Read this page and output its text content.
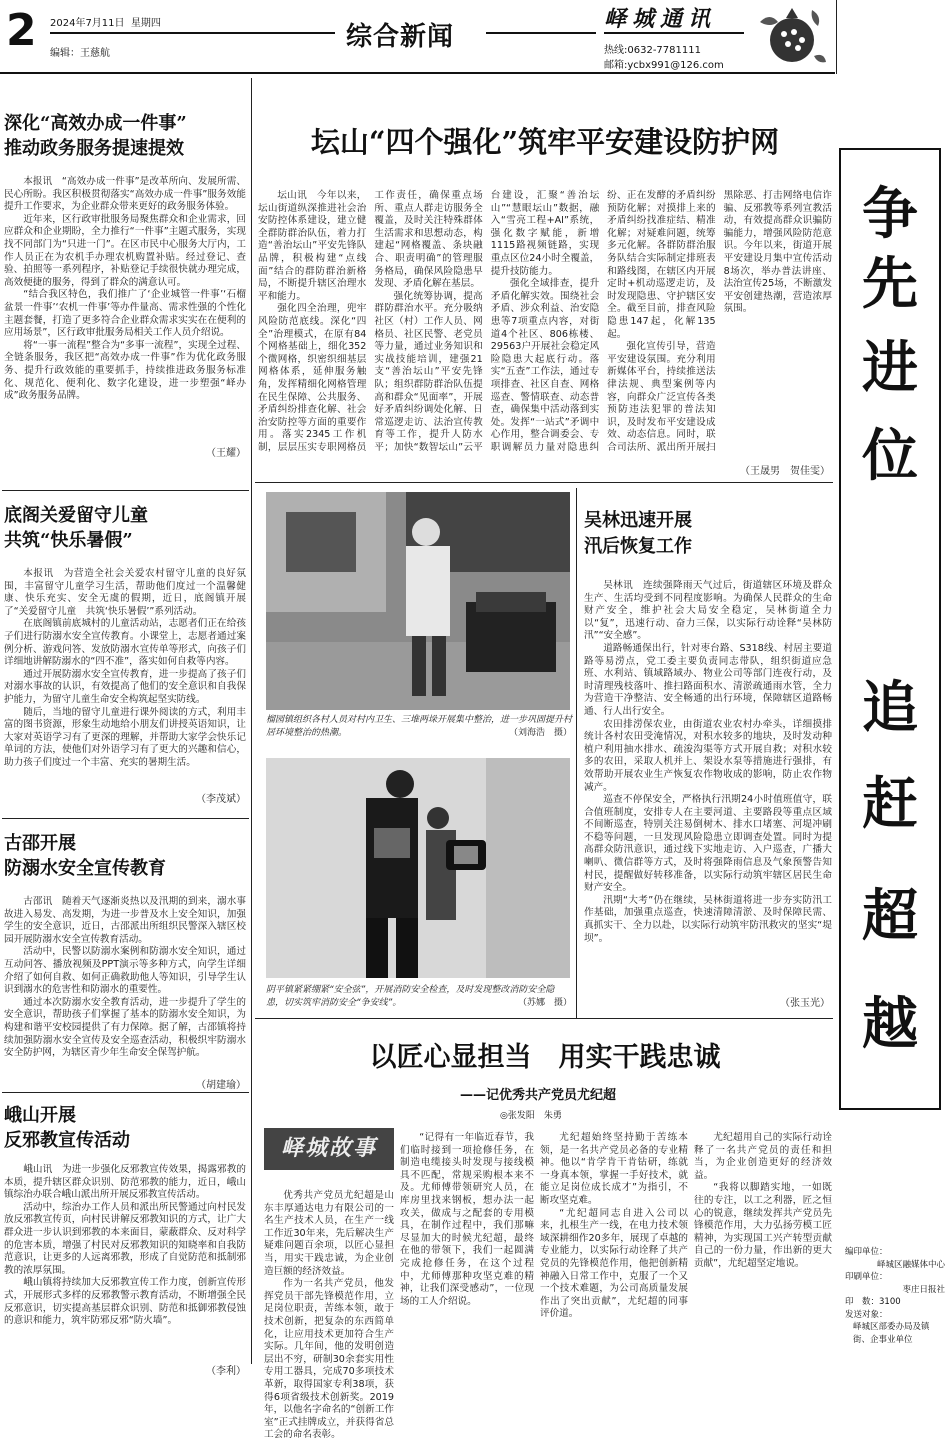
2 2024年7月11日 星期四
编辑：王慈航
综合新闻
峄城通讯
热线:0632-7781111
邮箱:ycbx991@126.com
争
先
进
位
追
赶
超
越
编印单位：
峄城区融媒体中心
印刷单位：
枣庄日报社
印　数：3100
发送对象：
峄城区部委办局及镇街、企事业单位
深化“高效办成一件事”
推动政务服务提速提效

本报讯　“高效办成一件事”是改革所向、发展所需、民心所盼。我区积极贯彻落实“高效办成一件事”服务效能提升工作要求，为企业群众带来更好的政务服务体验。

近年来，区行政审批服务局聚焦群众和企业需求，回应群众和企业期盼，全力推行“一件事”主题式服务，实现找不同部门为“只进一门”。在区市民中心服务大厅内，工作人员正在为农机手办理农机购置补贴。经过登记、查验、拍照等一系列程序，补贴登记手续很快就办理完成，高效便捷的服务，得到了群众的满意认可。

“结合我区特色，我们推广了‘企业城管一件事’‘石榴盆景一件事’‘农机一件事’等办件量高、需求性强的个性化主题套餐，打造了更多符合企业群众需求实实在在便利的应用场景”，区行政审批服务局相关工作人员介绍说。

将“一事一流程”整合为“多事一流程”，实现全过程、全链条服务，我区把“高效办成一件事”作为优化政务服务、提升行政效能的重要抓手，持续推进政务服务标准化、规范化、便利化、数字化建设，进一步塑强“峄办成”政务服务品牌。

（王耀）
底阁关爱留守儿童
共筑“快乐暑假”

本报讯　为营造全社会关爱农村留守儿童的良好氛围，丰富留守儿童学习生活，帮助他们度过一个温馨健康、快乐充实、安全无虞的假期，近日，底阁镇开展了“关爱留守儿童　共筑‘快乐暑假’”系列活动。

在底阁镇前底城村的儿童活动站，志愿者们正在给孩子们进行防溺水安全宣传教育。小课堂上，志愿者通过案例分析、游戏问答、发放防溺水宣传单等形式，向孩子们详细地讲解防溺水的“四不准”，落实如何自救等内容。

通过开展防溺水安全宣传教育，进一步提高了孩子们对溺水事故的认识，有效提高了他们的安全意识和自我保护能力，为留守儿童生命安全构筑起坚实防线。

随后，当地的留守儿童进行课外阅读的方式，利用丰富的图书资源，形象生动地给小朋友们讲授英语知识，让大家对英语学习有了更深的理解，并帮助大家学会快乐记单词的方法，使他们对外语学习有了更大的兴趣和信心，助力孩子们度过一个丰富、充实的暑期生活。

（李茂斌）
古邵开展
防溺水安全宣传教育

古邵讯　随着天气逐渐炎热以及汛期的到来，溺水事故进入易发、高发期，为进一步普及水上安全知识，加强学生的安全意识，近日，古邵派出所组织民警深入辖区校园开展防溺水安全宣传教育活动。

活动中，民警以防溺水案例和防溺水安全知识，通过互动问答、播放视频及PPT演示等多种方式，向学生详细介绍了如何自救、如何正确救助他人等知识，引导学生认识到溺水的危害性和防溺水的重要性。

通过本次防溺水安全教育活动，进一步提升了学生的安全意识，帮助孩子们掌握了基本的防溺水安全知识，为构建和谐平安校园提供了有力保障。据了解，古邵镇将持续加强防溺水安全宣传及安全巡查活动，积极织牢防溺水安全防护网，为辖区青少年生命安全保驾护航。

（胡建瑜）
峨山开展
反邪教宣传活动

峨山讯　为进一步强化反邪教宣传效果，揭露邪教的本质，提升辖区群众识别、防范邪教的能力，近日，峨山镇综治办联合峨山派出所开展反邪教宣传活动。

活动中，综治办工作人员和派出所民警通过向村民发放反邪教宣传页，向村民讲解反邪教知识的方式，让广大群众进一步认识到邪教的本来面目，蒙蔽群众、反对科学的危害本质，增强了村民对反邪教知识的知晓率和自我防范意识，让更多的人远离邪教，形成了自觉防范和抵制邪教的浓厚氛围。

峨山镇将持续加大反邪教宣传工作力度，创新宣传形式，开展形式多样的反邪教警示教育活动，不断增强全民反邪意识，切实提高基层群众识别、防范和抵御邪教侵蚀的意识和能力，筑牢防邪反邪“防火墙”。

（李利）
坛山“四个强化”筑牢平安建设防护网

坛山讯　今年以来，坛山街道纵深推进社会治安防控体系建设，建立健全群防群治队伍，着力打造“善治坛山”平安先锋队品牌，积极构建“点线面”结合的群防群治新格局，不断提升辖区治理水平和能力。

强化四全治理，兜牢风险防范底线。深化“四全”治理模式，在原有84个网格基础上，细化352个微网格，织密织细基层网格体系，延伸服务触角，发挥精细化网格管理在民生保障、公共服务、矛盾纠纷排查化解、社会治安防控等方面的重要作用。落实2345工作机制，层层压实专职网格员工作责任，确保重点场所、重点人群走访服务全覆盖，及时关注特殊群体生活需求和思想动态，构建起“网格覆盖、条块融合、职责明确”的管理服务格局，确保风险隐患早发现、矛盾化解在基层。

强化统筹协调，提高群防群治水平。充分吸纳社区（村）工作人员、网格员、社区民警、老党员等力量，通过业务知识和实战技能培训，建强21支“善治坛山”平安先锋队；组织群防群治队伍提高和群众“见面率”，开展好矛盾纠纷调处化解、日常巡逻走访、法治宣传教育等工作，提升人防水平；加快“数智坛山”云平台建设，汇聚“善治坛山”“慧眼坛山”数据，融入“雪亮工程+AI”系统，强化数字赋能，新增1115路视频链路，实现重点区位24小时全覆盖，提升技防能力。

强化全域排查，提升矛盾化解实效。围绕社会矛盾、涉众利益、治安隐患等7项重点内容，对街道4个社区、806栋楼、29563户开展社会稳定风险隐患大起底行动。落实“五查”工作法，通过专项排查、社区自查、网格巡查、警情联查、动态普查，确保集中活动落到实处。发挥“一站式”矛调中心作用，整合调委会、专职调解员力量对隐患纠纷、正在发酵的矛盾纠纷预防化解；对摸排上来的矛盾纠纷找准症结、精准化解；对疑难问题，统筹多元化解。各群防群治服务队结合实际制定排班表和路线图，在辖区内开展定时+机动巡逻走访，及时发现隐患、守护辖区安全。截至目前，排查风险隐患147起，化解135起。

强化宣传引导，营造平安建设氛围。充分利用新媒体平台，持续推送法律法规、典型案例等内容，向群众广泛宣传各类预防违法犯罪的普法知识，及时发布平安建设成效、动态信息。同时，联合司法所、派出所开展扫黑除恶、打击网络电信诈骗、反邪教等系列宣教活动，有效提高群众识骗防骗能力，增强风险防范意识。今年以来，街道开展平安建设月集中宣传活动8场次，举办普法讲座、法治宣传25场，不断激发平安创建热潮，营造浓厚氛围。

（王晟男　贺佳雯）
榴园镇组织各村人员对村内卫生、三堆两垛开展集中整治，进一步巩固提升村居环境整治的热潮。	（刘海浩　摄）
阴平镇紧紧绷紧“安全弦”，开展消防安全检查，及时发现整改消防安全隐患，切实筑牢消防安全“争安线”。	（苏娜　摄）
吴林迅速开展
汛后恢复工作

吴林讯　连续强降雨天气过后，街道辖区环境及群众生产、生活均受到不同程度影响。为确保人民群众的生命财产安全，维护社会大局安全稳定，吴林街道全力以“复”，迅速行动、奋力三保，以实际行动诠释“吴林防汛”“安全感”。

道路畅通保出行，针对枣台路、S318线、村居主要道路等易涝点，党工委主要负责同志带队，组织街道应急班、水利站、镇域路域办、物业公司等部门连夜行动，及时清理残枝落叶、推扫路面积水、清淤疏通雨水管，全力为营造干净整洁、安全畅通的出行环境，保障辖区道路畅通、行人出行安全。

农田排涝保农业，由街道农业农村办牵头，详细摸排统计各村农田受淹情况，对积水较多的地块，及时发动种植户利用抽水排水、疏浚沟渠等方式开展自救；对积水较多的农田，采取人机并上、架设水泵等措施进行强排，有效帮助开展农业生产恢复农作物收成的影响，防止农作物减产。

巡查不停保安全，严格执行汛期24小时值班值守，联合值班制度，安排专人在主要河道、主要路段等重点区域不间断巡查，特别关注易倒树木、排水口堵塞、河堤冲刷不稳等问题，一旦发现风险隐患立即调查处置。同时为提高群众防汛意识，通过线下实地走访、入户巡查，广播大喇叭、微信群等方式，及时将强降雨信息及气象预警告知村民，提醒做好转移准备，以实际行动筑牢辖区居民生命财产安全。

汛期“大考”仍在继续，吴林街道将进一步夯实防汛工作基础，加强重点巡查，快速清障清淤、及时保障民需、真抓实干、全力以赴，以实际行动筑牢防汛救灾的坚实“堤坝”。

（张玉光）
以匠心显担当　用实干践忠诚
——记优秀共产党员尤纪超
◎张发阳　朱勇
峄城故事

优秀共产党员尤纪超是山东丰厚通达电力有限公司的一名生产技术人员，在生产一线工作近30年来，先后解决生产疑难问题百余项，以匠心显担当，用实干践忠诚，为企业创造巨额的经济效益。

作为一名共产党员，他发挥党员干部先锋模范作用，立足岗位职责，苦练本领，敢于技术创新，把复杂的东西简单化，让应用技术更加符合生产实际。几年间，他的发明创造层出不穷，研制30余套实用性专用工器具，完成70多项技术革新，取得国家专利38项，获得6项省级技术创新奖。2019年，以他名字命名的“创新工作室”正式挂牌成立，并获得省总工会的命名表彰。

“记得有一年临近春节，我们临时接到一项抢修任务，在制造电缆接头时发现与接线模具不匹配，常规采购根本来不及。尤师傅带领研究人员，在库房里找来钢板，想办法一起攻关，做成与之配套的专用模具，在制作过程中，我们那嘛尽显加大的时候尤纪超，最终在他的带领下，我们一起圆满完成抢修任务，在这个过程中，尤师傅那种攻坚克难的精神，让我们深受感动”，一位现场的工人介绍说。

尤纪超始终坚持勤于苦练本领，是一名共产党员必备的专业精神。他以“肯学肯干肯钻研，练就一身真本领，掌握一手好技术，就能立足岗位成长成才”为指引，不断攻坚克难。

“尤纪超同志自进入公司以来，扎根生产一线，在电力技术领域深耕细作20多年，展现了卓越的专业能力，以实际行动诠释了共产党员的先锋模范作用，他把创新精神融入日常工作中，克服了一个又一个技术难题，为公司高质量发展作出了突出贡献”，尤纪超的同事评价道。

尤纪超用自己的实际行动诠释了一名共产党员的责任和担当，为企业创造更好的经济效益。

“我将以脚踏实地，一如既往的专注，以工之利器，匠之恒心的锐意，继续发挥共产党员先锋模范作用，大力弘扬劳模工匠精神，为实现国工兴产转型贡献自己的一份力量，作出新的更大贡献”，尤纪超坚定地说。
